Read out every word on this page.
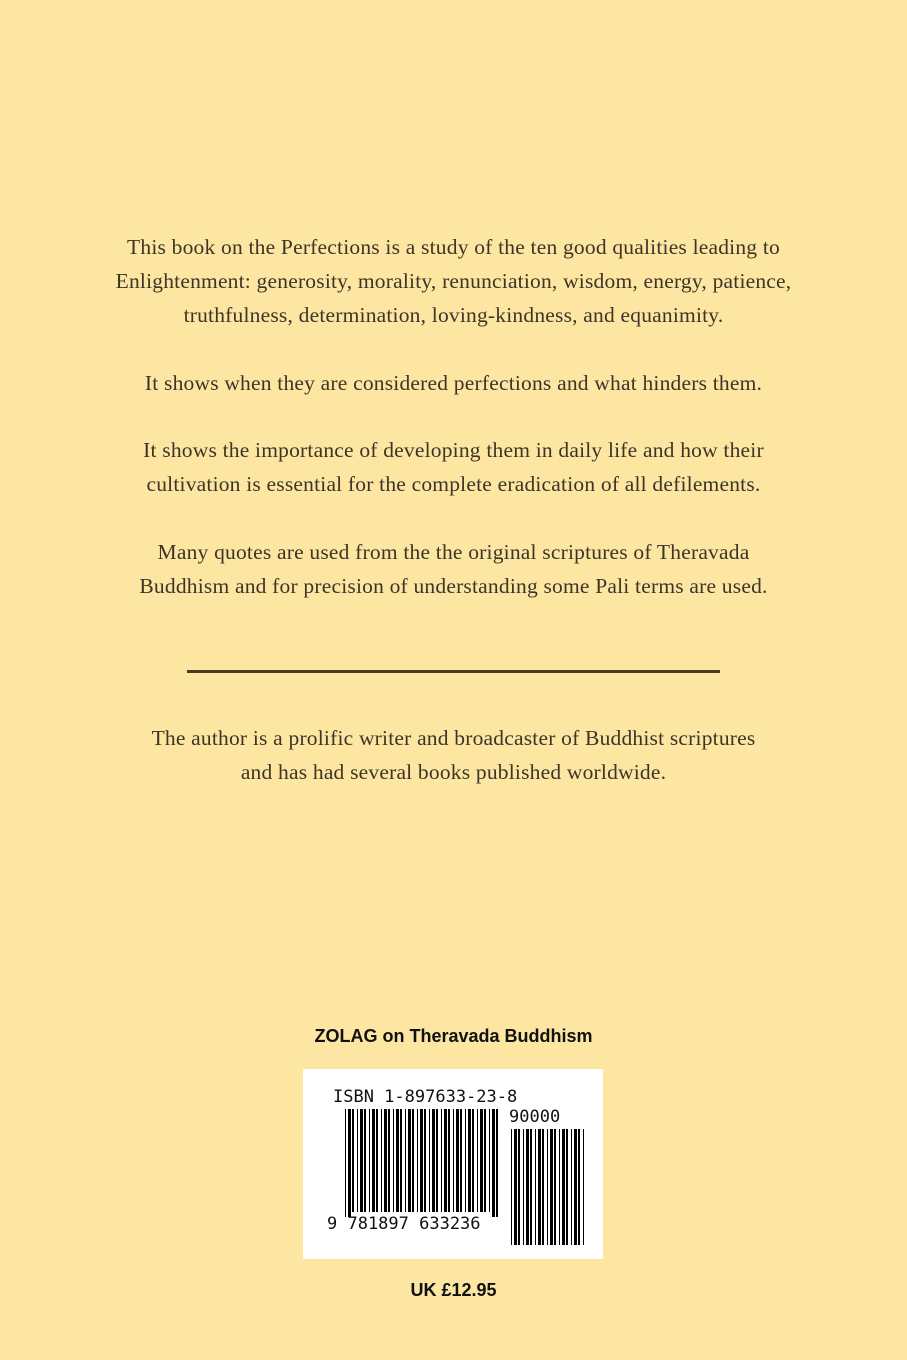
This book on the Perfections is a study of the ten good qualities leading to
Enlightenment: generosity, morality, renunciation, wisdom, energy, patience,
truthfulness, determination, loving-kindness, and equanimity.
It shows when they are considered perfections and what hinders them.
It shows the importance of developing them in daily life and how their
cultivation is essential for the complete eradication of all defilements.
Many quotes are used from the the original scriptures of Theravada
Buddhism and for precision of understanding some Pali terms are used.
The author is a prolific writer and broadcaster of Buddhist scriptures
and has had several books published worldwide.
ZOLAG on Theravada Buddhism
ISBN 1-897633-23-8
9 781897 633236
90000
UK £12.95
